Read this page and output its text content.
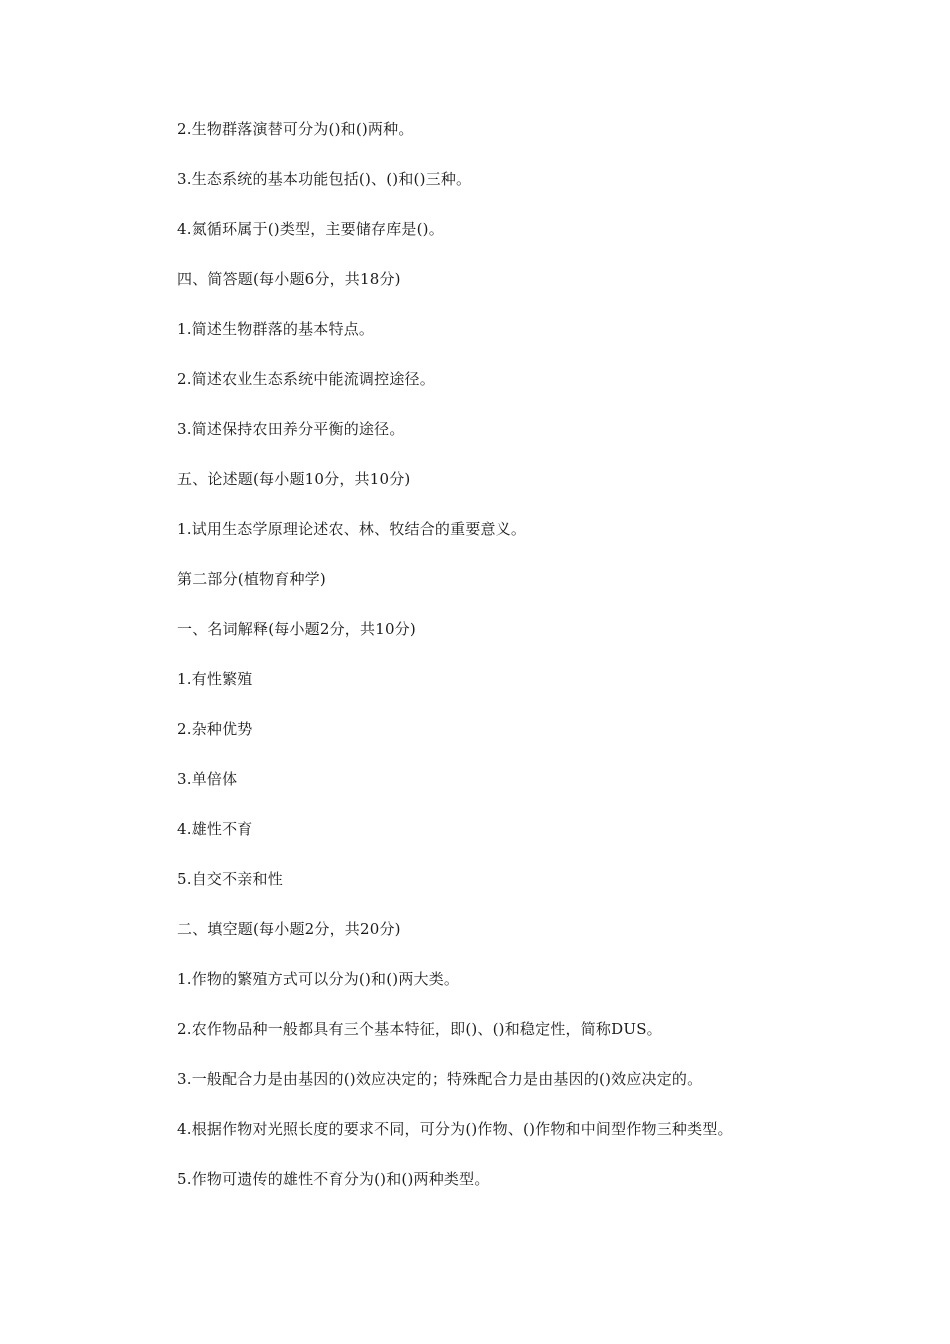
2.生物群落演替可分为()和()两种。
3.生态系统的基本功能包括()、()和()三种。
4.氮循环属于()类型，主要储存库是()。
四、简答题(每小题6分，共18分)
1.简述生物群落的基本特点。
2.简述农业生态系统中能流调控途径。
3.简述保持农田养分平衡的途径。
五、论述题(每小题10分，共10分)
1.试用生态学原理论述农、林、牧结合的重要意义。
第二部分(植物育种学)
一、名词解释(每小题2分，共10分)
1.有性繁殖
2.杂种优势
3.单倍体
4.雄性不育
5.自交不亲和性
二、填空题(每小题2分，共20分)
1.作物的繁殖方式可以分为()和()两大类。
2.农作物品种一般都具有三个基本特征，即()、()和稳定性，简称DUS。
3.一般配合力是由基因的()效应决定的；特殊配合力是由基因的()效应决定的。
4.根据作物对光照长度的要求不同，可分为()作物、()作物和中间型作物三种类型。
5.作物可遗传的雄性不育分为()和()两种类型。
